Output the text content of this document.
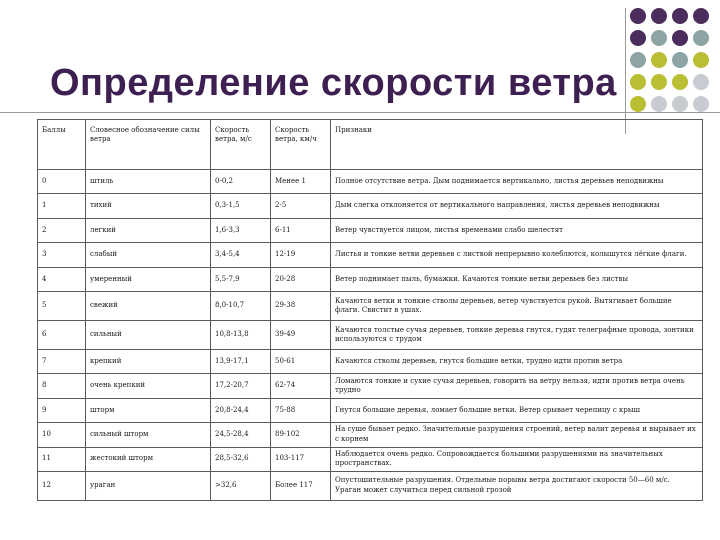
Определение скорости ветра
Баллы	Словесное обозначение силы ветра	Скорость ветра, м/с	Скорость ветра, км/ч	Признаки
0	штиль	0-0,2	Менее 1	Полное отсутствие ветра. Дым поднимается вертикально, листья деревьев неподвижны
1	тихий	0,3-1,5	2-5	Дым слегка отклоняется от вертикального направления, листья деревьев неподвижны
2	легкий	1,6-3,3	6-11	Ветер чувствуется лицом, листья временами слабо шелестят
3	слабый	3,4-5,4	12-19	Листья и тонкие ветви деревьев с листвой непрерывно колеблются, колышутся лёгкие флаги.
4	умеренный	5,5-7,9	20-28	Ветер поднимает пыль, бумажки. Качаются тонкие ветви деревьев без листвы
5	свежий	8,0-10,7	29-38	Качаются ветки и тонкие стволы деревьев, ветер чувствуется рукой. Вытягивает большие флаги. Свистит в ушах.
6	сильный	10,8-13,8	39-49	Качаются толстые сучья деревьев, тонкие деревья гнутся, гудят телеграфные провода, зонтики используются с трудом
7	крепкий	13,9-17,1	50-61	Качаются стволы деревьев, гнутся большие ветки, трудно идти против ветра
8	очень крепкий	17,2-20,7	62-74	Ломаются тонкие и сухие сучья деревьев, говорить на ветру нельзя, идти против ветра очень трудно
9	шторм	20,8-24,4	75-88	Гнутся большие деревья, ломает большие ветки. Ветер срывает черепицу с крыш
10	сильный шторм	24,5-28,4	89-102	На суше бывает редко. Значительные разрушения строений, ветер валит деревья и вырывает их с корнем
11	жестокий шторм	28,5-32,6	103-117	Наблюдается очень редко. Сопровождается большими разрушениями на значительных пространствах.
12	ураган	>32,6	Более 117	Опустошительные разрушения. Отдельные порывы ветра достигают скорости 50—60 м/с. Ураган может случиться перед сильной грозой
